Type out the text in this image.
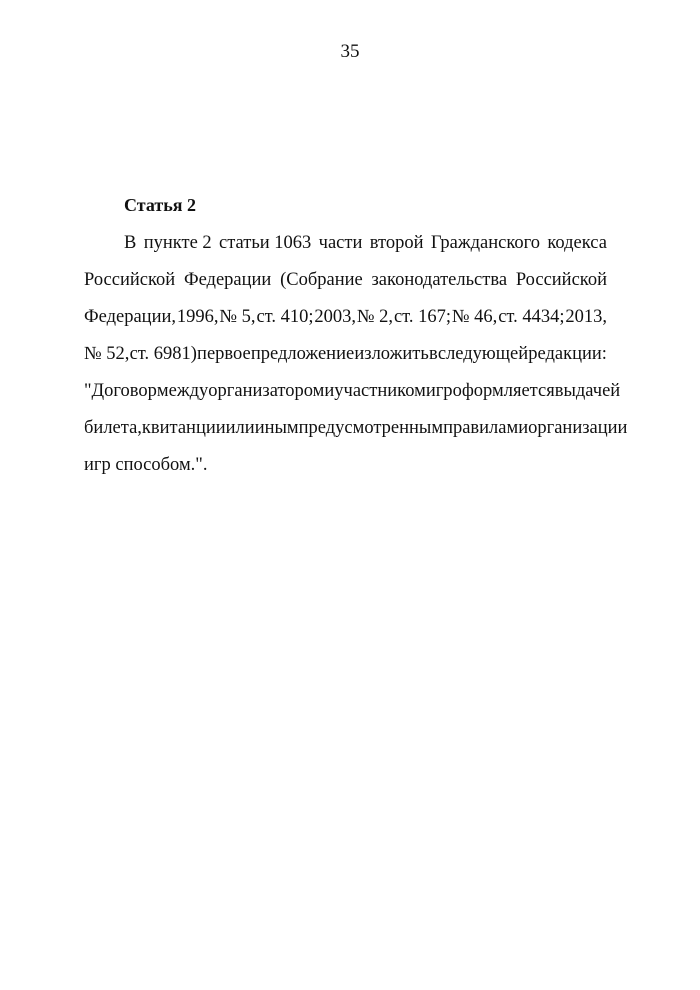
35
Статья 2
В пункте 2 статьи 1063 части второй Гражданского кодекса
Российской Федерации (Собрание законодательства Российской
Федерации, 1996, № 5, ст. 410; 2003, № 2, ст. 167; № 46, ст. 4434; 2013,
№ 52, ст. 6981) первое предложение изложить в следующей редакции:
"Договор между организатором и участником игр оформляется выдачей
билета, квитанции или иным предусмотренным правилами организации
игр способом.".
